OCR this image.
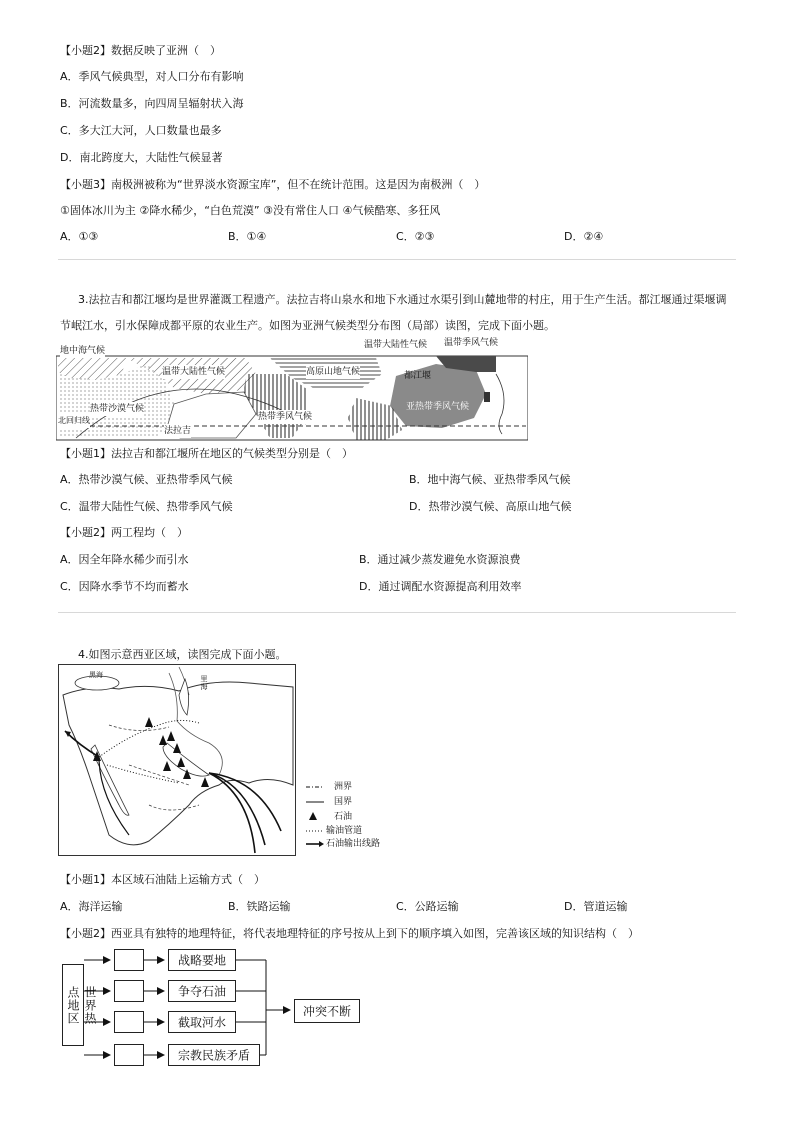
【小题2】数据反映了亚洲（　）
A．季风气候典型，对人口分布有影响
B．河流数量多，向四周呈辐射状入海
C．多大江大河，人口数量也最多
D．南北跨度大，大陆性气候显著
【小题3】南极洲被称为“世界淡水资源宝库”，但不在统计范围。这是因为南极洲（　）
①固体冰川为主 ②降水稀少，“白色荒漠” ③没有常住人口 ④气候酷寒、多狂风
A．①③	B．①④	C．②③	D．②④
3.法拉吉和都江堰均是世界灌溉工程遗产。法拉吉将山泉水和地下水通过水渠引到山麓地带的村庄，用于生产生活。都江堰通过渠堰调
节岷江水，引水保障成都平原的农业生产。如图为亚洲气候类型分布图（局部）读图，完成下面小题。
地中海气候
温带大陆性气候 温带季风气候
温带大陆性气候	高原山地气候	都江堰
热带沙漠气候
热带季风气候
亚热带季风气候
北回归线
法拉吉
【小题1】法拉吉和都江堰所在地区的气候类型分别是（　）
A．热带沙漠气候、亚热带季风气候	B．地中海气候、亚热带季风气候
C．温带大陆性气候、热带季风气候	D．热带沙漠气候、高原山地气候
【小题2】两工程均（　）
A．因全年降水稀少而引水	B．通过减少蒸发避免水资源浪费
C．因降水季节不均而蓄水	D．通过调配水资源提高利用效率
4.如图示意西亚区域，读图完成下面小题。
黑海	里海
洲界
国界
石油
输油管道
石油输出线路
【小题1】本区域石油陆上运输方式（　）
A．海洋运输	B．铁路运输	C．公路运输	D．管道运输
【小题2】西亚具有独特的地理特征，将代表地理特征的序号按从上到下的顺序填入如图，完善该区域的知识结构（　）
世界热点地区
战略要地
争夺石油
截取河水
宗教民族矛盾
冲突不断
